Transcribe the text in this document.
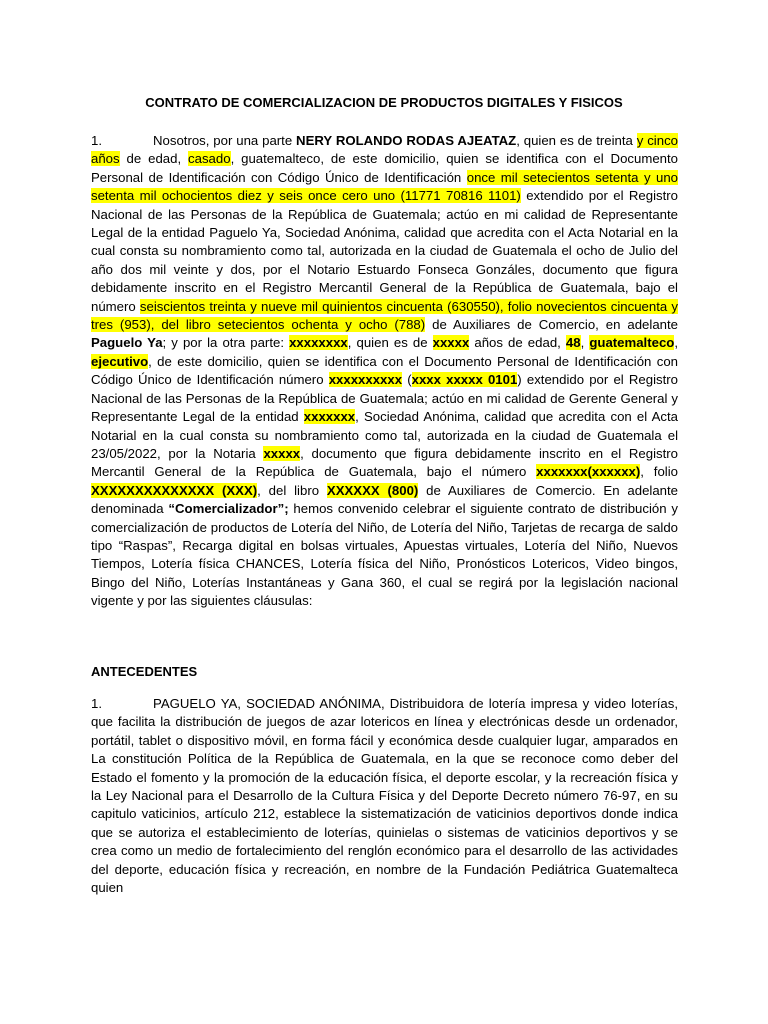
CONTRATO DE COMERCIALIZACION DE PRODUCTOS DIGITALES Y FISICOS
1.	Nosotros, por una parte NERY ROLANDO RODAS AJEATAZ, quien es de treinta y cinco años de edad, casado, guatemalteco, de este domicilio, quien se identifica con el Documento Personal de Identificación con Código Único de Identificación once mil setecientos setenta y uno setenta mil ochocientos diez y seis once cero uno (11771 70816 1101) extendido por el Registro Nacional de las Personas de la República de Guatemala; actúo en mi calidad de Representante Legal de la entidad Paguelo Ya, Sociedad Anónima, calidad que acredita con el Acta Notarial en la cual consta su nombramiento como tal, autorizada en la ciudad de Guatemala el ocho de Julio del año dos mil veinte y dos, por el Notario Estuardo Fonseca Gonzáles, documento que figura debidamente inscrito en el Registro Mercantil General de la República de Guatemala, bajo el número seiscientos treinta y nueve mil quinientos cincuenta (630550), folio novecientos cincuenta y tres (953), del libro setecientos ochenta y ocho (788) de Auxiliares de Comercio, en adelante Paguelo Ya; y por la otra parte: xxxxxxxx, quien es de xxxxx años de edad, 48, guatemalteco, ejecutivo, de este domicilio, quien se identifica con el Documento Personal de Identificación con Código Único de Identificación número xxxxxxxxxx (xxxx xxxxx 0101) extendido por el Registro Nacional de las Personas de la República de Guatemala; actúo en mi calidad de Gerente General y Representante Legal de la entidad xxxxxxx, Sociedad Anónima, calidad que acredita con el Acta Notarial en la cual consta su nombramiento como tal, autorizada en la ciudad de Guatemala el 23/05/2022, por la Notaria xxxxx, documento que figura debidamente inscrito en el Registro Mercantil General de la República de Guatemala, bajo el número xxxxxxx(xxxxxx), folio XXXXXXXXXXXXXX (XXX), del libro XXXXXX (800) de Auxiliares de Comercio. En adelante denominada “Comercializador”; hemos convenido celebrar el siguiente contrato de distribución y comercialización de productos de Lotería del Niño, de Lotería del Niño, Tarjetas de recarga de saldo tipo “Raspas”, Recarga digital en bolsas virtuales, Apuestas virtuales, Lotería del Niño, Nuevos Tiempos, Lotería física CHANCES, Lotería física del Niño, Pronósticos Lotericos, Video bingos, Bingo del Niño, Loterías Instantáneas y Gana 360, el cual se regirá por la legislación nacional vigente y por las siguientes cláusulas:
ANTECEDENTES
1.	PAGUELO YA, SOCIEDAD ANÓNIMA, Distribuidora de lotería impresa y video loterías, que facilita la distribución de juegos de azar lotericos en línea y electrónicas desde un ordenador, portátil, tablet o dispositivo móvil, en forma fácil y económica desde cualquier lugar, amparados en La constitución Política de la República de Guatemala, en la que se reconoce como deber del Estado el fomento y la promoción de la educación física, el deporte escolar, y la recreación física y la Ley Nacional para el Desarrollo de la Cultura Física y del Deporte Decreto número 76-97, en su capitulo vaticinios, artículo 212, establece la sistematización de vaticinios deportivos donde indica que se autoriza el establecimiento de loterías, quinielas o sistemas de vaticinios deportivos y se crea como un medio de fortalecimiento del renglón económico para el desarrollo de las actividades del deporte, educación física y recreación, en nombre de la Fundación Pediátrica Guatemalteca quien
